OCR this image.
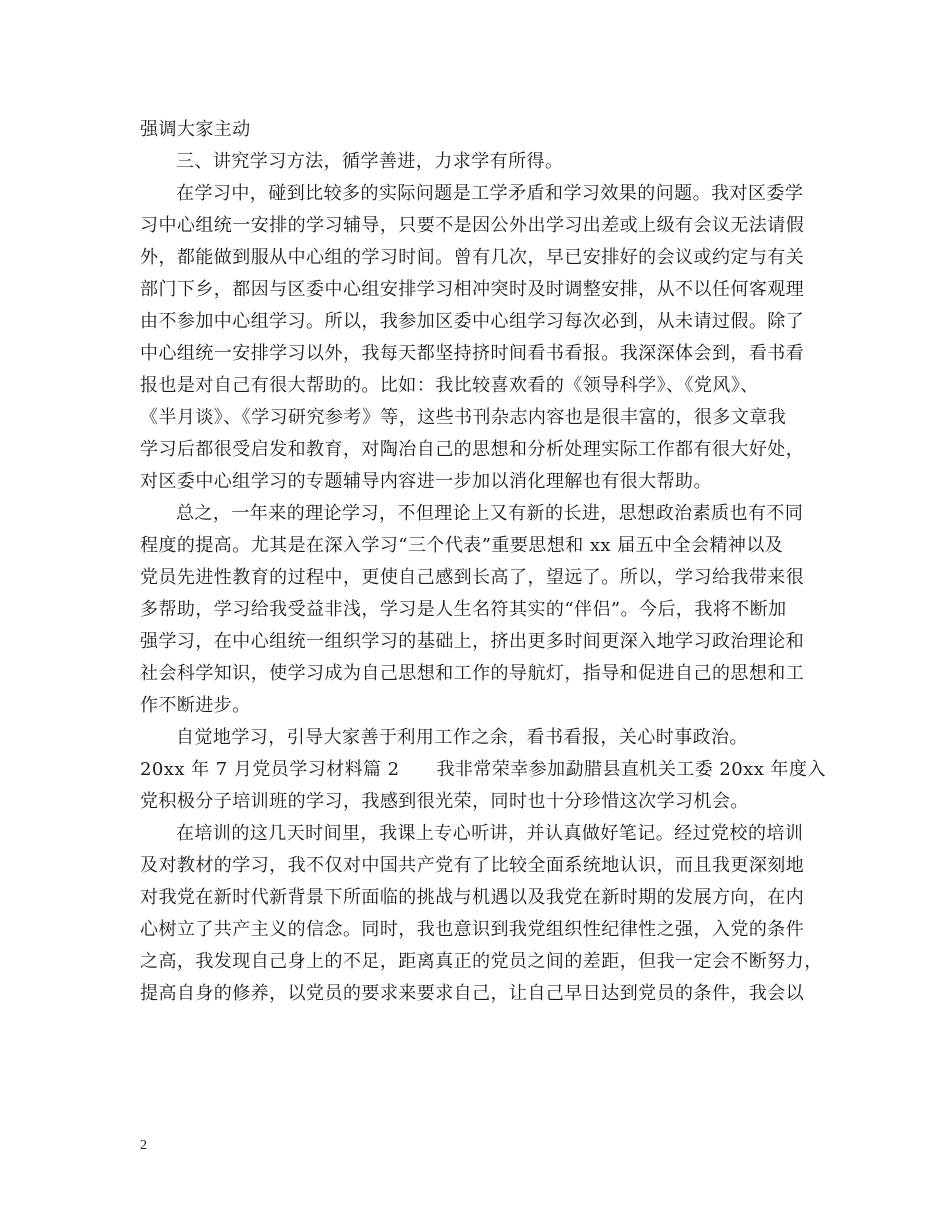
强调大家主动
三、讲究学习方法，循学善进，力求学有所得。
在学习中，碰到比较多的实际问题是工学矛盾和学习效果的问题。我对区委学
习中心组统一安排的学习辅导，只要不是因公外出学习出差或上级有会议无法请假
外，都能做到服从中心组的学习时间。曾有几次，早已安排好的会议或约定与有关
部门下乡，都因与区委中心组安排学习相冲突时及时调整安排，从不以任何客观理
由不参加中心组学习。所以，我参加区委中心组学习每次必到，从未请过假。除了
中心组统一安排学习以外，我每天都坚持挤时间看书看报。我深深体会到，看书看
报也是对自己有很大帮助的。比如：我比较喜欢看的《领导科学》、《党风》、
《半月谈》、《学习研究参考》等，这些书刊杂志内容也是很丰富的，很多文章我
学习后都很受启发和教育，对陶冶自己的思想和分析处理实际工作都有很大好处，
对区委中心组学习的专题辅导内容进一步加以消化理解也有很大帮助。
总之，一年来的理论学习，不但理论上又有新的长进，思想政治素质也有不同
程度的提高。尤其是在深入学习“三个代表”重要思想和 xx 届五中全会精神以及
党员先进性教育的过程中，更使自己感到长高了，望远了。所以，学习给我带来很
多帮助，学习给我受益非浅，学习是人生名符其实的“伴侣”。今后，我将不断加
强学习，在中心组统一组织学习的基础上，挤出更多时间更深入地学习政治理论和
社会科学知识，使学习成为自己思想和工作的导航灯，指导和促进自己的思想和工
作不断进步。
自觉地学习，引导大家善于利用工作之余，看书看报，关心时事政治。
20xx 年 7 月党员学习材料篇 2　　我非常荣幸参加勐腊县直机关工委 20xx 年度入
党积极分子培训班的学习，我感到很光荣，同时也十分珍惜这次学习机会。
在培训的这几天时间里，我课上专心听讲，并认真做好笔记。经过党校的培训
及对教材的学习，我不仅对中国共产党有了比较全面系统地认识，而且我更深刻地
对我党在新时代新背景下所面临的挑战与机遇以及我党在新时期的发展方向，在内
心树立了共产主义的信念。同时，我也意识到我党组织性纪律性之强，入党的条件
之高，我发现自己身上的不足，距离真正的党员之间的差距，但我一定会不断努力，
提高自身的修养，以党员的要求来要求自己，让自己早日达到党员的条件，我会以
2
